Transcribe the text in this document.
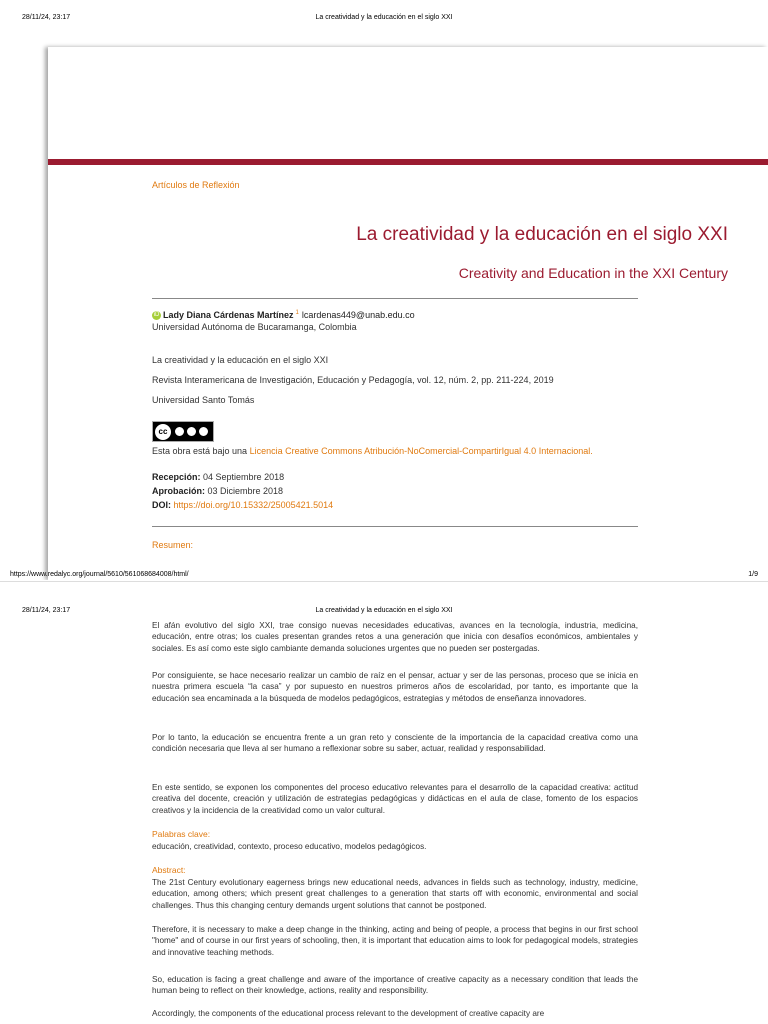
28/11/24, 23:17	La creatividad y la educación en el siglo XXI
Artículos de Reflexión
La creatividad y la educación en el siglo XXI
Creativity and Education in the XXI Century
iD Lady Diana Cárdenas Martínez $^1$ lcardenas449@unab.edu.co
Universidad Autónoma de Bucaramanga, Colombia
La creatividad y la educación en el siglo XXI
Revista Interamericana de Investigación, Educación y Pedagogía, vol. 12, núm. 2, pp. 211-224, 2019
Universidad Santo Tomás
cc
Esta obra está bajo una Licencia Creative Commons Atribución-NoComercial-CompartirIgual 4.0 Internacional.
Recepción: 04 Septiembre 2018
Aprobación: 03 Diciembre 2018
DOI: https://doi.org/10.15332/25005421.5014
Resumen:
https://www.redalyc.org/journal/5610/561068684008/html/	1/9
28/11/24, 23:17	La creatividad y la educación en el siglo XXI
El afán evolutivo del siglo XXI, trae consigo nuevas necesidades educativas, avances en la tecnología, industria, medicina, educación, entre otras; los cuales presentan grandes retos a una generación que inicia con desafíos económicos, ambientales y sociales. Es así como este siglo cambiante demanda soluciones urgentes que no pueden ser postergadas.
Por consiguiente, se hace necesario realizar un cambio de raíz en el pensar, actuar y ser de las personas, proceso que se inicia en nuestra primera escuela “la casa” y por supuesto en nuestros primeros años de escolaridad, por tanto, es importante que la educación sea encaminada a la búsqueda de modelos pedagógicos, estrategias y métodos de enseñanza innovadores.
Por lo tanto, la educación se encuentra frente a un gran reto y consciente de la importancia de la capacidad creativa como una condición necesaria que lleva al ser humano a reflexionar sobre su saber, actuar, realidad y responsabilidad.
En este sentido, se exponen los componentes del proceso educativo relevantes para el desarrollo de la capacidad creativa: actitud creativa del docente, creación y utilización de estrategias pedagógicas y didácticas en el aula de clase, fomento de los espacios creativos y la incidencia de la creatividad como un valor cultural.
Palabras clave:
educación, creatividad, contexto, proceso educativo, modelos pedagógicos.
Abstract:
The 21st Century evolutionary eagerness brings new educational needs, advances in fields such as technology, industry, medicine, education, among others; which present great challenges to a generation that starts off with economic, environmental and social challenges. Thus this changing century demands urgent solutions that cannot be postponed.
Therefore, it is necessary to make a deep change in the thinking, acting and being of people, a process that begins in our first school "home" and of course in our first years of schooling, then, it is important that education aims to look for pedagogical models, strategies and innovative teaching methods.
So, education is facing a great challenge and aware of the importance of creative capacity as a necessary condition that leads the human being to reflect on their knowledge, actions, reality and responsibility.
Accordingly, the components of the educational process relevant to the development of creative capacity are
